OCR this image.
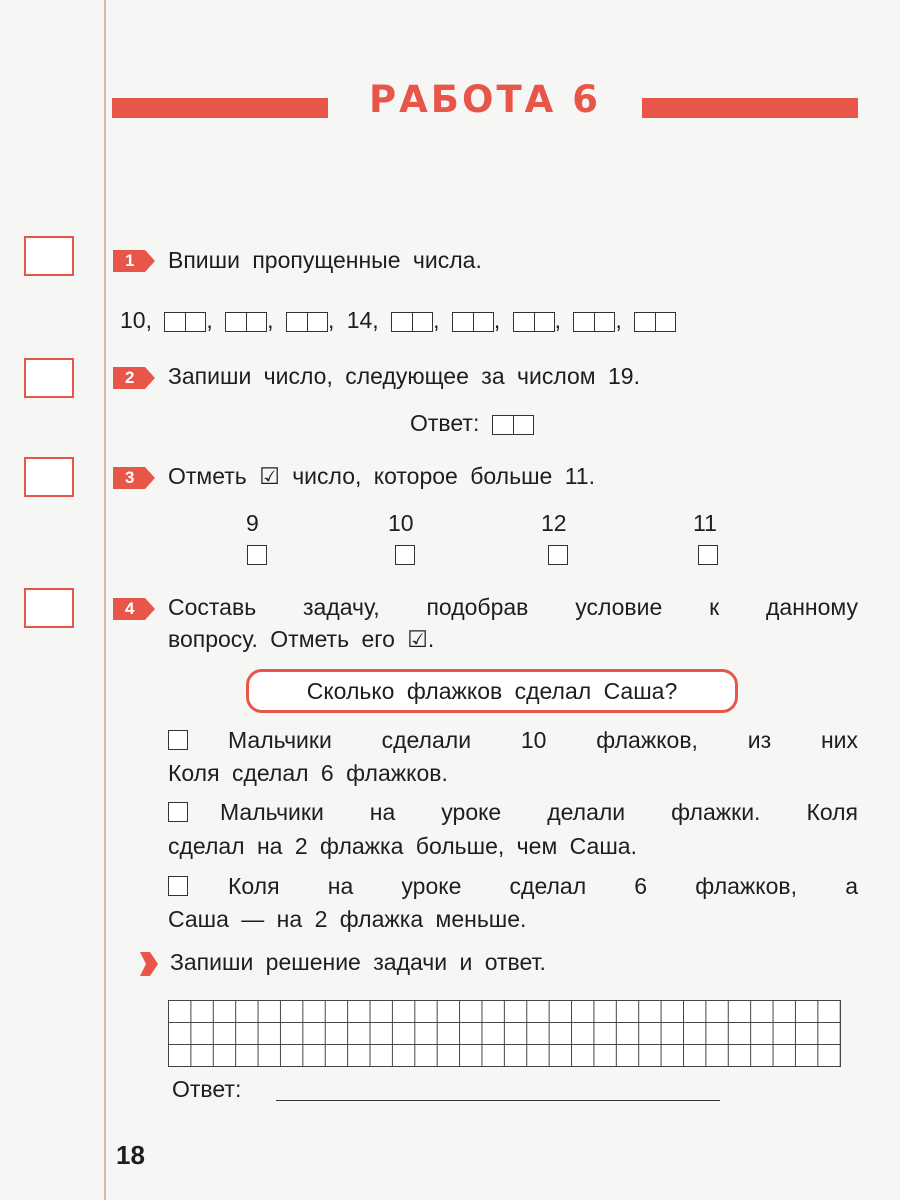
РАБОТА 6
1 Впиши пропущенные числа.
10, , , , 14, , , , ,
2 Запиши число, следующее за числом 19.
Ответ:
3 Отметь ☑ число, которое больше 11.
9	10	12	11
4 Составь задачу, подобрав условие к данному
вопросу. Отметь его ☑.
Сколько флажков сделал Саша?
Мальчики сделали 10 флажков, из них
Коля сделал 6 флажков.
Мальчики на уроке делали флажки. Коля
сделал на 2 флажка больше, чем Саша.
Коля на уроке сделал 6 флажков, а
Саша — на 2 флажка меньше.
Запиши решение задачи и ответ.
Ответ:
18
